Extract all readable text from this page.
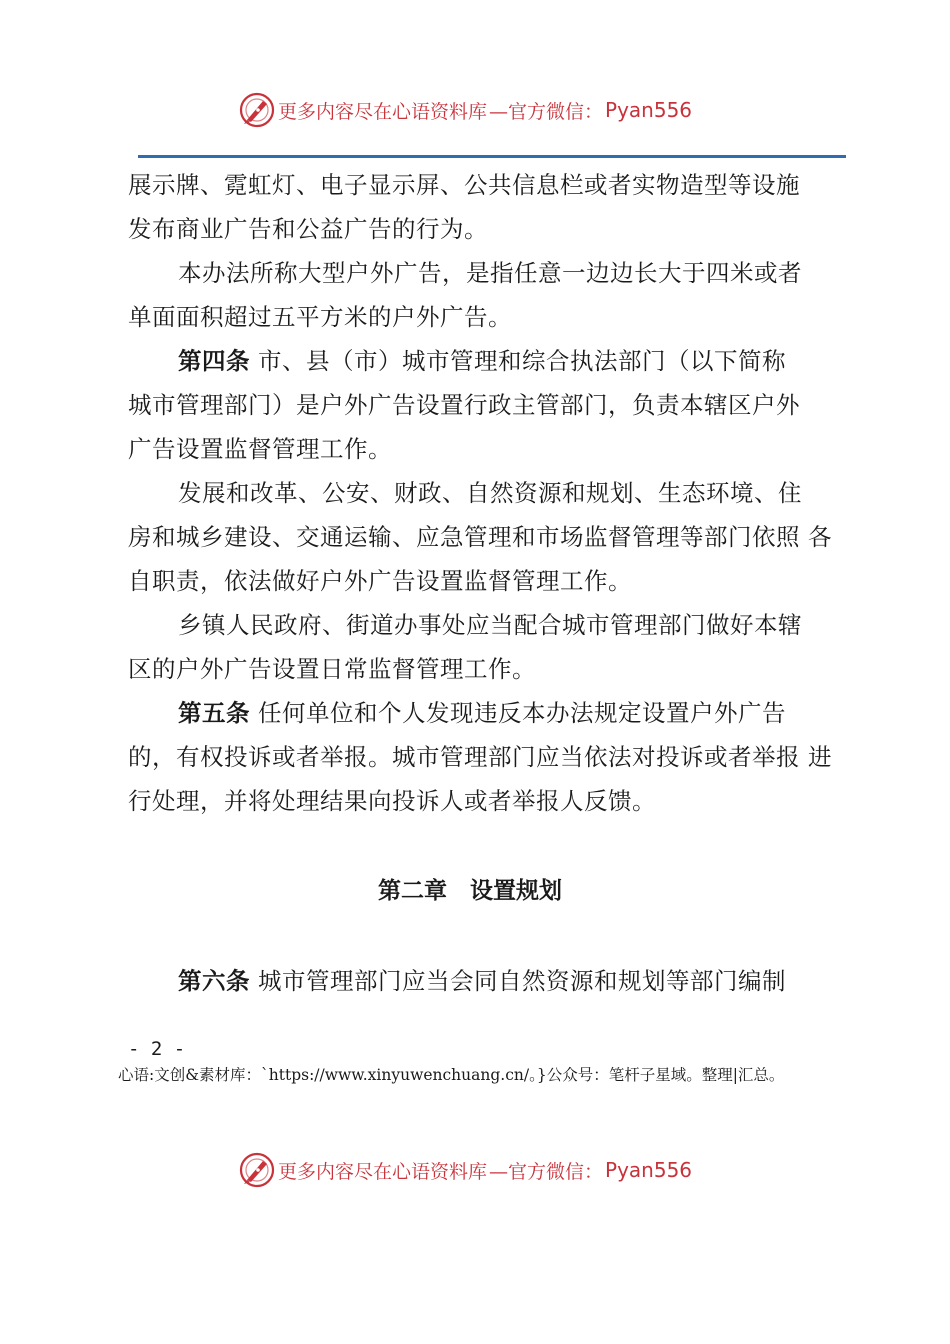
更多内容尽在心语资料库 —官方微信： Pyan556
展示牌、霓虹灯、电子显示屏、公共信息栏或者实物造型等设施
发布商业广告和公益广告的行为。
本办法所称大型户外广告，是指任意一边边长大于四米或者
单面面积超过五平方米的户外广告。
第四条 市、县（市）城市管理和综合执法部门（以下简称
城市管理部门）是户外广告设置行政主管部门，负责本辖区户外
广告设置监督管理工作。
发展和改革、公安、财政、自然资源和规划、生态环境、住
房和城乡建设、交通运输、应急管理和市场监督管理等部门依照 各
自职责，依法做好户外广告设置监督管理工作。
乡镇人民政府、街道办事处应当配合城市管理部门做好本辖
区的户外广告设置日常监督管理工作。
第五条 任何单位和个人发现违反本办法规定设置户外广告
的，有权投诉或者举报。城市管理部门应当依法对投诉或者举报 进
行处理，并将处理结果向投诉人或者举报人反馈。
第二章　设置规划
第六条 城市管理部门应当会同自然资源和规划等部门编制
- 2 -
心语:文创&素材库：`https://www.xinyuwenchuang.cn/。}公众号：笔杆子星域。整理|汇总。
更多内容尽在心语资料库 —官方微信： Pyan556
